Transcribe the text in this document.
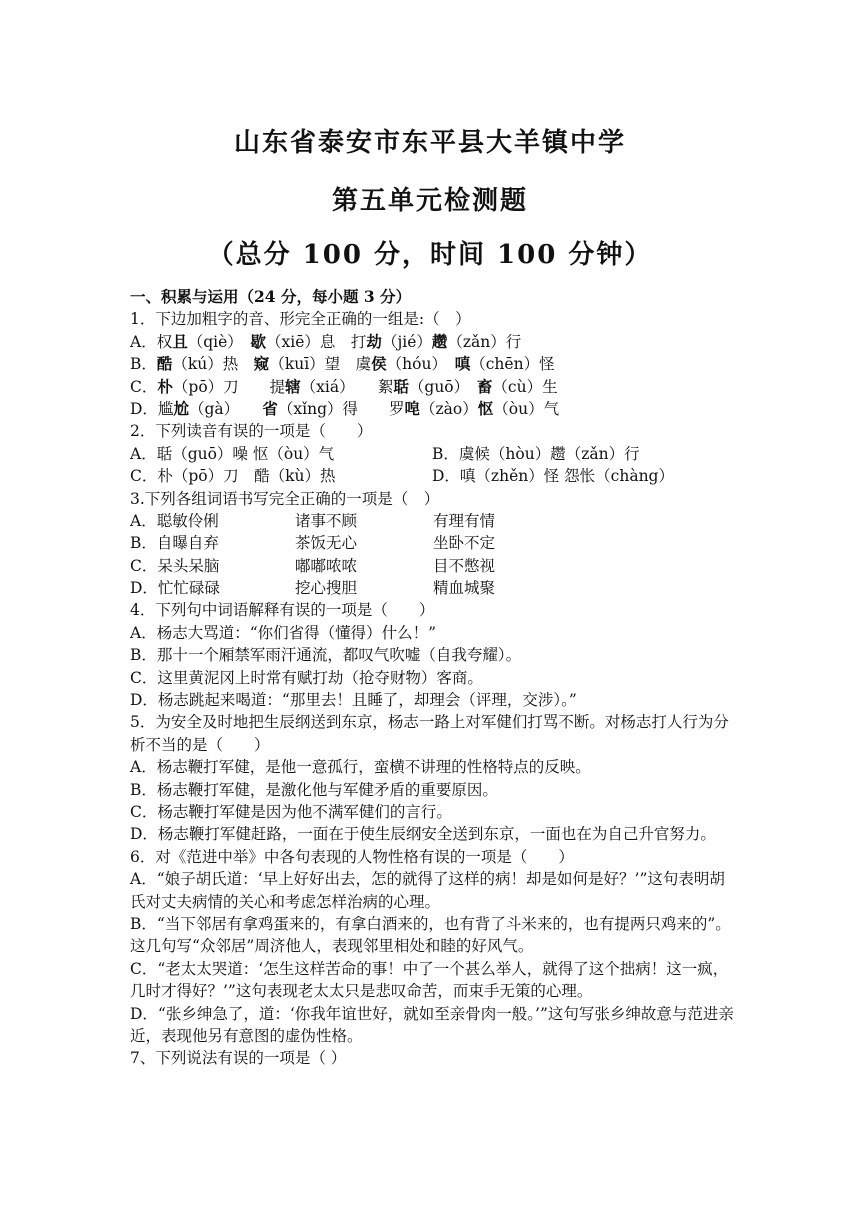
山东省泰安市东平县大羊镇中学
第五单元检测题
（总分 100 分，时间 100 分钟）
一、积累与运用（24 分，每小题 3 分）
1．下边加粗字的音、形完全正确的一组是:（　）
A．权且（qiè）　歇（xiē）息　打劫（jié）趱（zǎn）行
B．酷（kú）热　窥（kuī）望　虞侯（hóu）　嗔（chēn）怪
C．朴（pō）刀　　提辖（xiá）　　絮聒（guō）　畜（cù）生
D．尴尬（gà）　　省（xǐng）得　　罗唣（zào）怄（òu）气
2．下列读音有误的一项是（　　）
A．聒（guō）噪 怄（òu）气	B．虞候（hòu）趱（zǎn）行
C．朴（pō）刀　酷（kù）热	D．嗔（zhěn）怪 怨怅（chàng）
3.下列各组词语书写完全正确的一项是（　）
A．聪敏伶俐	诸事不顾	有理有情
B．自曝自弃	茶饭无心	坐卧不定
C．呆头呆脑	嘟嘟哝哝	目不憋视
D．忙忙碌碌	挖心搜胆	精血城聚
4．下列句中词语解释有误的一项是（　　）
A．杨志大骂道：“你们省得（懂得）什么！”
B．那十一个厢禁军雨汗通流，都叹气吹嘘（自我夸耀）。
C．这里黄泥冈上时常有赋打劫（抢夺财物）客商。
D．杨志跳起来喝道：“那里去！且睡了，却理会（评理，交涉）。”
5．为安全及时地把生辰纲送到东京，杨志一路上对军健们打骂不断。对杨志打人行为分析不当的是（　　）
A．杨志鞭打军健，是他一意孤行，蛮横不讲理的性格特点的反映。
B．杨志鞭打军健，是激化他与军健矛盾的重要原因。
C．杨志鞭打军健是因为他不满军健们的言行。
D．杨志鞭打军健赶路，一面在于使生辰纲安全送到东京，一面也在为自己升官努力。
6．对《范进中举》中各句表现的人物性格有误的一项是（　　）
A．“娘子胡氏道：‘早上好好出去，怎的就得了这样的病！却是如何是好？’”这句表明胡氏对丈夫病情的关心和考虑怎样治病的心理。
B．“当下邻居有拿鸡蛋来的，有拿白酒来的，也有背了斗米来的，也有提两只鸡来的”。这几句写“众邻居”周济他人，表现邻里相处和睦的好风气。
C．“老太太哭道：‘怎生这样苦命的事！中了一个甚么举人，就得了这个拙病！这一疯，几时才得好？’”这句表现老太太只是悲叹命苦，而束手无策的心理。
D．“张乡绅急了，道：‘你我年谊世好，就如至亲骨肉一般。’”这句写张乡绅故意与范进亲近，表现他另有意图的虚伪性格。
7、下列说法有误的一项是（ ）
